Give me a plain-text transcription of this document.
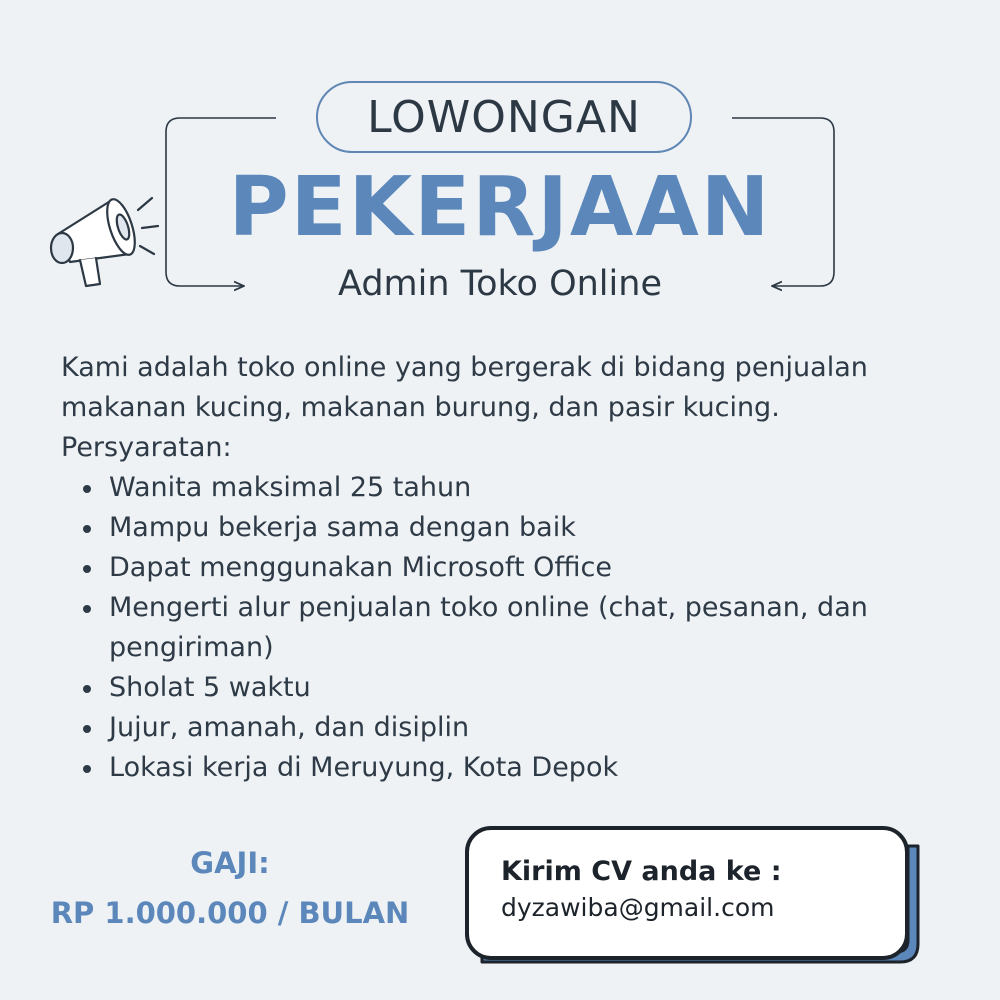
LOWONGAN
PEKERJAAN
Admin Toko Online

Kami adalah toko online yang bergerak di bidang penjualan makanan kucing, makanan burung, dan pasir kucing.

Persyaratan:

Wanita maksimal 25 tahun
Mampu bekerja sama dengan baik
Dapat menggunakan Microsoft Office
Mengerti alur penjualan toko online (chat, pesanan, dan pengiriman)
Sholat 5 waktu
Jujur, amanah, dan disiplin
Lokasi kerja di Meruyung, Kota Depok
GAJI:
RP 1.000.000 / BULAN
Kirim CV anda ke :
dyzawiba@gmail.com
